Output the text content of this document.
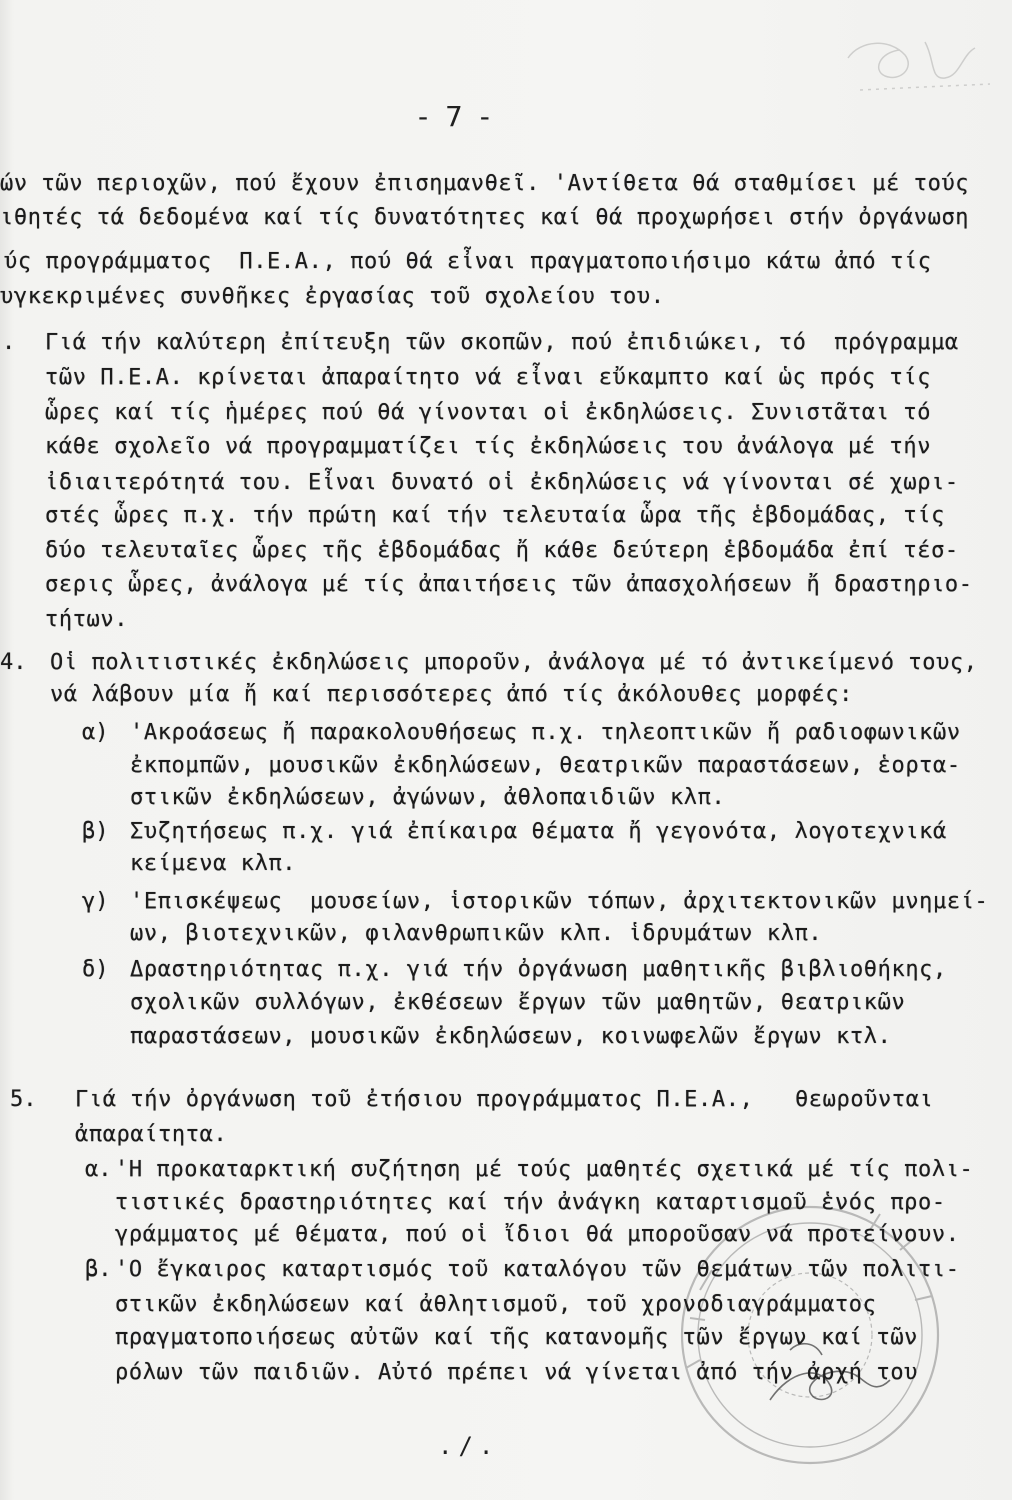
- 7 -
ών τῶν περιοχῶν, πού ἔχουν ἐπισημανθεῖ. 'Αντίθετα θά σταθμίσει μέ τούς
ιθητές τά δεδομένα καί τίς δυνατότητες καί θά προχωρήσει στήν ὀργάνωση
ύς προγράμματος  Π.Ε.Α., πού θά εἶναι πραγματοποιήσιμο κάτω ἀπό τίς
υγκεκριμένες συνθῆκες ἐργασίας τοῦ σχολείου του.
. Γιά τήν καλύτερη ἐπίτευξη τῶν σκοπῶν, πού ἐπιδιώκει, τό  πρόγραμμα
τῶν Π.Ε.Α. κρίνεται ἀπαραίτητο νά εἶναι εὔκαμπτο καί ὡς πρός τίς
ὧρες καί τίς ἡμέρες πού θά γίνονται οἱ ἐκδηλώσεις. Συνιστᾶται τό
κάθε σχολεῖο νά προγραμματίζει τίς ἐκδηλώσεις του ἀνάλογα μέ τήν
ἰδιαιτερότητά του. Εἶναι δυνατό οἱ ἐκδηλώσεις νά γίνονται σέ χωρι-
στές ὧρες π.χ. τήν πρώτη καί τήν τελευταία ὧρα τῆς ἑβδομάδας, τίς
δύο τελευταῖες ὧρες τῆς ἑβδομάδας ἤ κάθε δεύτερη ἑβδομάδα ἐπί τέσ-
σερις ὧρες, ἀνάλογα μέ τίς ἀπαιτήσεις τῶν ἀπασχολήσεων ἤ δραστηριο-
τήτων.
4. Οἱ πολιτιστικές ἐκδηλώσεις μποροῦν, ἀνάλογα μέ τό ἀντικείμενό τους,
νά λάβουν μία ἤ καί περισσότερες ἀπό τίς ἀκόλουθες μορφές:
α) 'Ακροάσεως ἤ παρακολουθήσεως π.χ. τηλεοπτικῶν ἤ ραδιοφωνικῶν
ἐκπομπῶν, μουσικῶν ἐκδηλώσεων, θεατρικῶν παραστάσεων, ἑορτα-
στικῶν ἐκδηλώσεων, ἀγώνων, ἀθλοπαιδιῶν κλπ.
β) Συζητήσεως π.χ. γιά ἐπίκαιρα θέματα ἤ γεγονότα, λογοτεχνικά
κείμενα κλπ.
γ) 'Επισκέψεως  μουσείων, ἱστορικῶν τόπων, ἀρχιτεκτονικῶν μνημεί-
ων, βιοτεχνικῶν, φιλανθρωπικῶν κλπ. ἱδρυμάτων κλπ.
δ) Δραστηριότητας π.χ. γιά τήν ὀργάνωση μαθητικῆς βιβλιοθήκης,
σχολικῶν συλλόγων, ἐκθέσεων ἔργων τῶν μαθητῶν, θεατρικῶν
παραστάσεων, μουσικῶν ἐκδηλώσεων, κοινωφελῶν ἔργων κτλ.
5. Γιά τήν ὀργάνωση τοῦ ἐτήσιου προγράμματος Π.Ε.Α.,   θεωροῦνται
ἀπαραίτητα.
α. 'Η προκαταρκτική συζήτηση μέ τούς μαθητές σχετικά μέ τίς πολι-
τιστικές δραστηριότητες καί τήν ἀνάγκη καταρτισμοῦ ἑνός προ-
γράμματος μέ θέματα, πού οἱ ἴδιοι θά μποροῦσαν νά προτείνουν.
β. 'Ο ἔγκαιρος καταρτισμός τοῦ καταλόγου τῶν θεμάτων τῶν πολιτι-
στικῶν ἐκδηλώσεων καί ἀθλητισμοῦ, τοῦ χρονοδιαγράμματος
πραγματοποιήσεως αὐτῶν καί τῆς κατανομῆς τῶν ἔργων καί τῶν
ρόλων τῶν παιδιῶν. Αὐτό πρέπει νά γίνεται ἀπό τήν ἀρχή του
./.
